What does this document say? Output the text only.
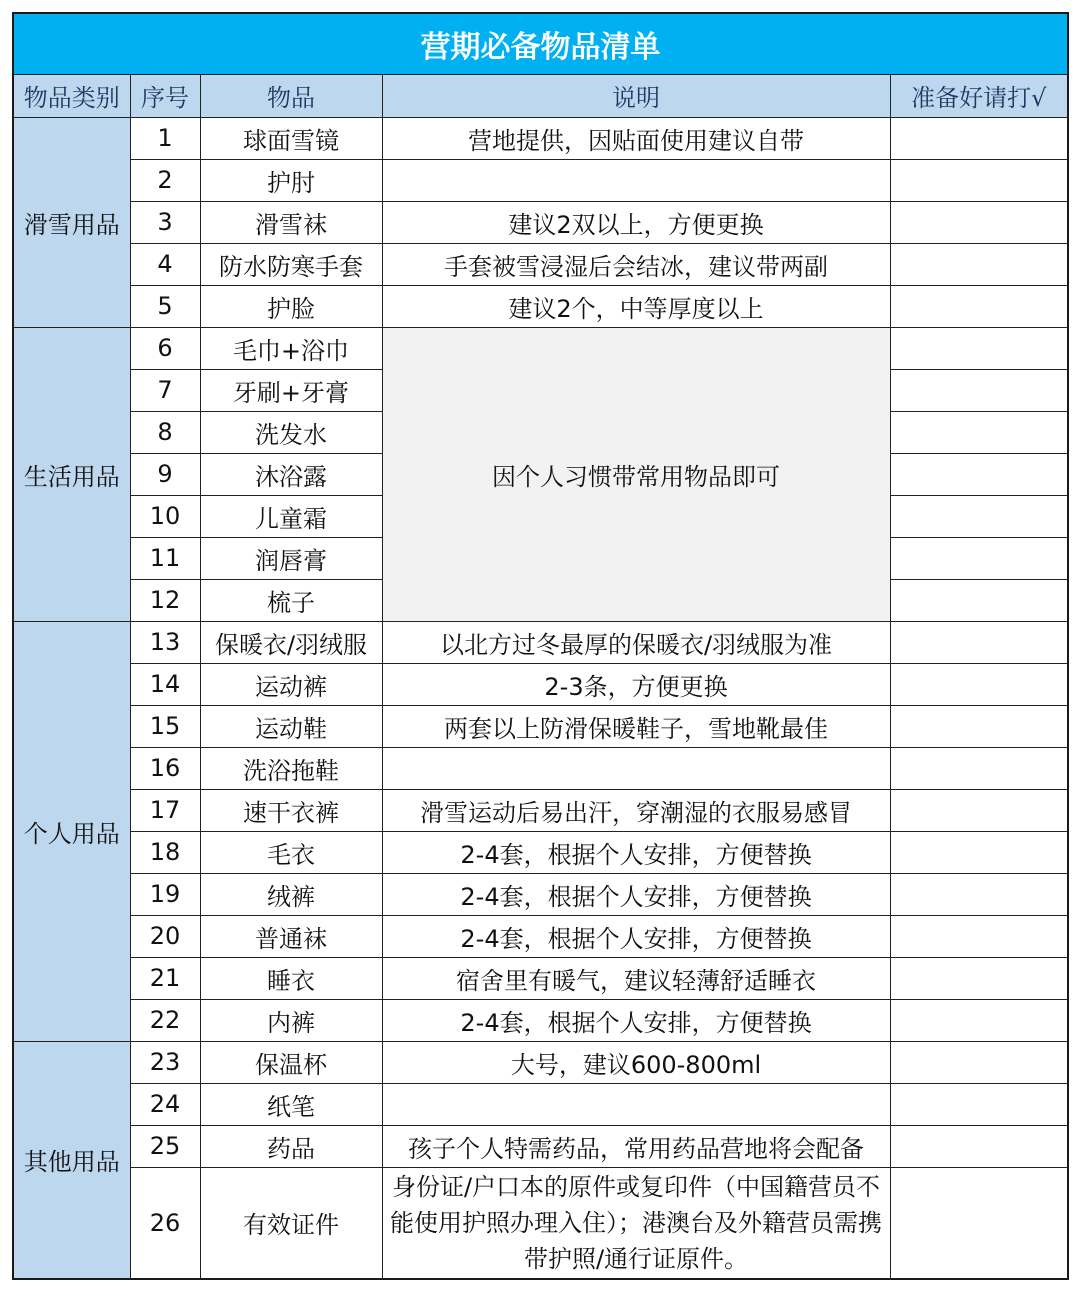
营期必备物品清单				
物品类别	序号	物品	说明	准备好请打√
滑雪用品	1	球面雪镜	营地提供，因贴面使用建议自带	
	2	护肘		
	3	滑雪袜	建议2双以上，方便更换	
	4	防水防寒手套	手套被雪浸湿后会结冰，建议带两副	
	5	护脸	建议2个，中等厚度以上	
生活用品	6	毛巾+浴巾	因个人习惯带常用物品即可	
	7	牙刷+牙膏		
	8	洗发水		
	9	沐浴露		
	10	儿童霜		
	11	润唇膏		
	12	梳子		
个人用品	13	保暖衣/羽绒服	以北方过冬最厚的保暖衣/羽绒服为准	
	14	运动裤	2-3条，方便更换	
	15	运动鞋	两套以上防滑保暖鞋子，雪地靴最佳	
	16	洗浴拖鞋		
	17	速干衣裤	滑雪运动后易出汗，穿潮湿的衣服易感冒	
	18	毛衣	2-4套，根据个人安排，方便替换	
	19	绒裤	2-4套，根据个人安排，方便替换	
	20	普通袜	2-4套，根据个人安排，方便替换	
	21	睡衣	宿舍里有暖气，建议轻薄舒适睡衣	
	22	内裤	2-4套，根据个人安排，方便替换	
其他用品	23	保温杯	大号，建议600-800ml	
	24	纸笔		
	25	药品	孩子个人特需药品，常用药品营地将会配备	
	26	有效证件	身份证/户口本的原件或复印件（中国籍营员不能使用护照办理入住）；港澳台及外籍营员需携带护照/通行证原件。	
